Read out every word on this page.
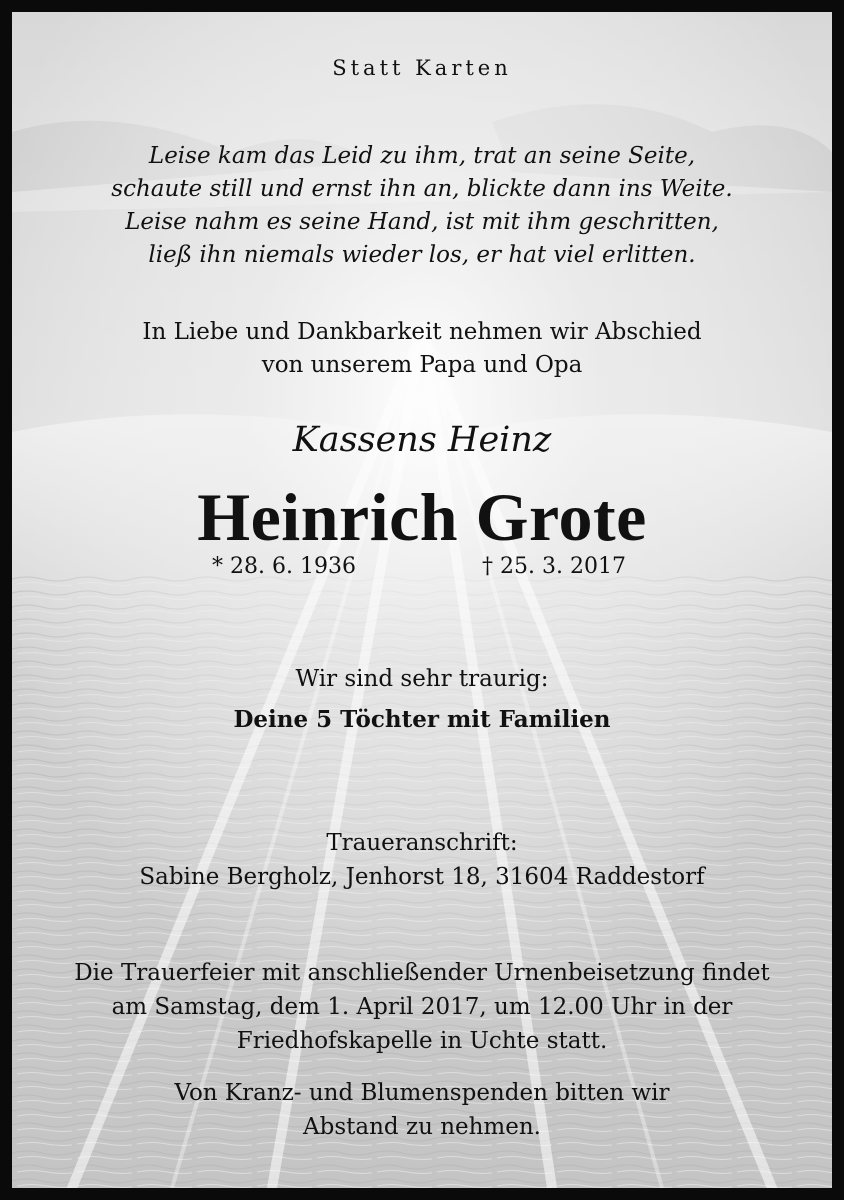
Statt Karten
Leise kam das Leid zu ihm, trat an seine Seite,
schaute still und ernst ihn an, blickte dann ins Weite.
Leise nahm es seine Hand, ist mit ihm geschritten,
ließ ihn niemals wieder los, er hat viel erlitten.
In Liebe und Dankbarkeit nehmen wir Abschied
von unserem Papa und Opa
Kassens Heinz
Heinrich Grote
* 28. 6. 1936	† 25. 3. 2017
Wir sind sehr traurig:
Deine 5 Töchter mit Familien
Traueranschrift:
Sabine Bergholz, Jenhorst 18, 31604 Raddestorf
Die Trauerfeier mit anschließender Urnenbeisetzung findet
am Samstag, dem 1. April 2017, um 12.00 Uhr in der
Friedhofskapelle in Uchte statt.
Von Kranz- und Blumenspenden bitten wir
Abstand zu nehmen.
